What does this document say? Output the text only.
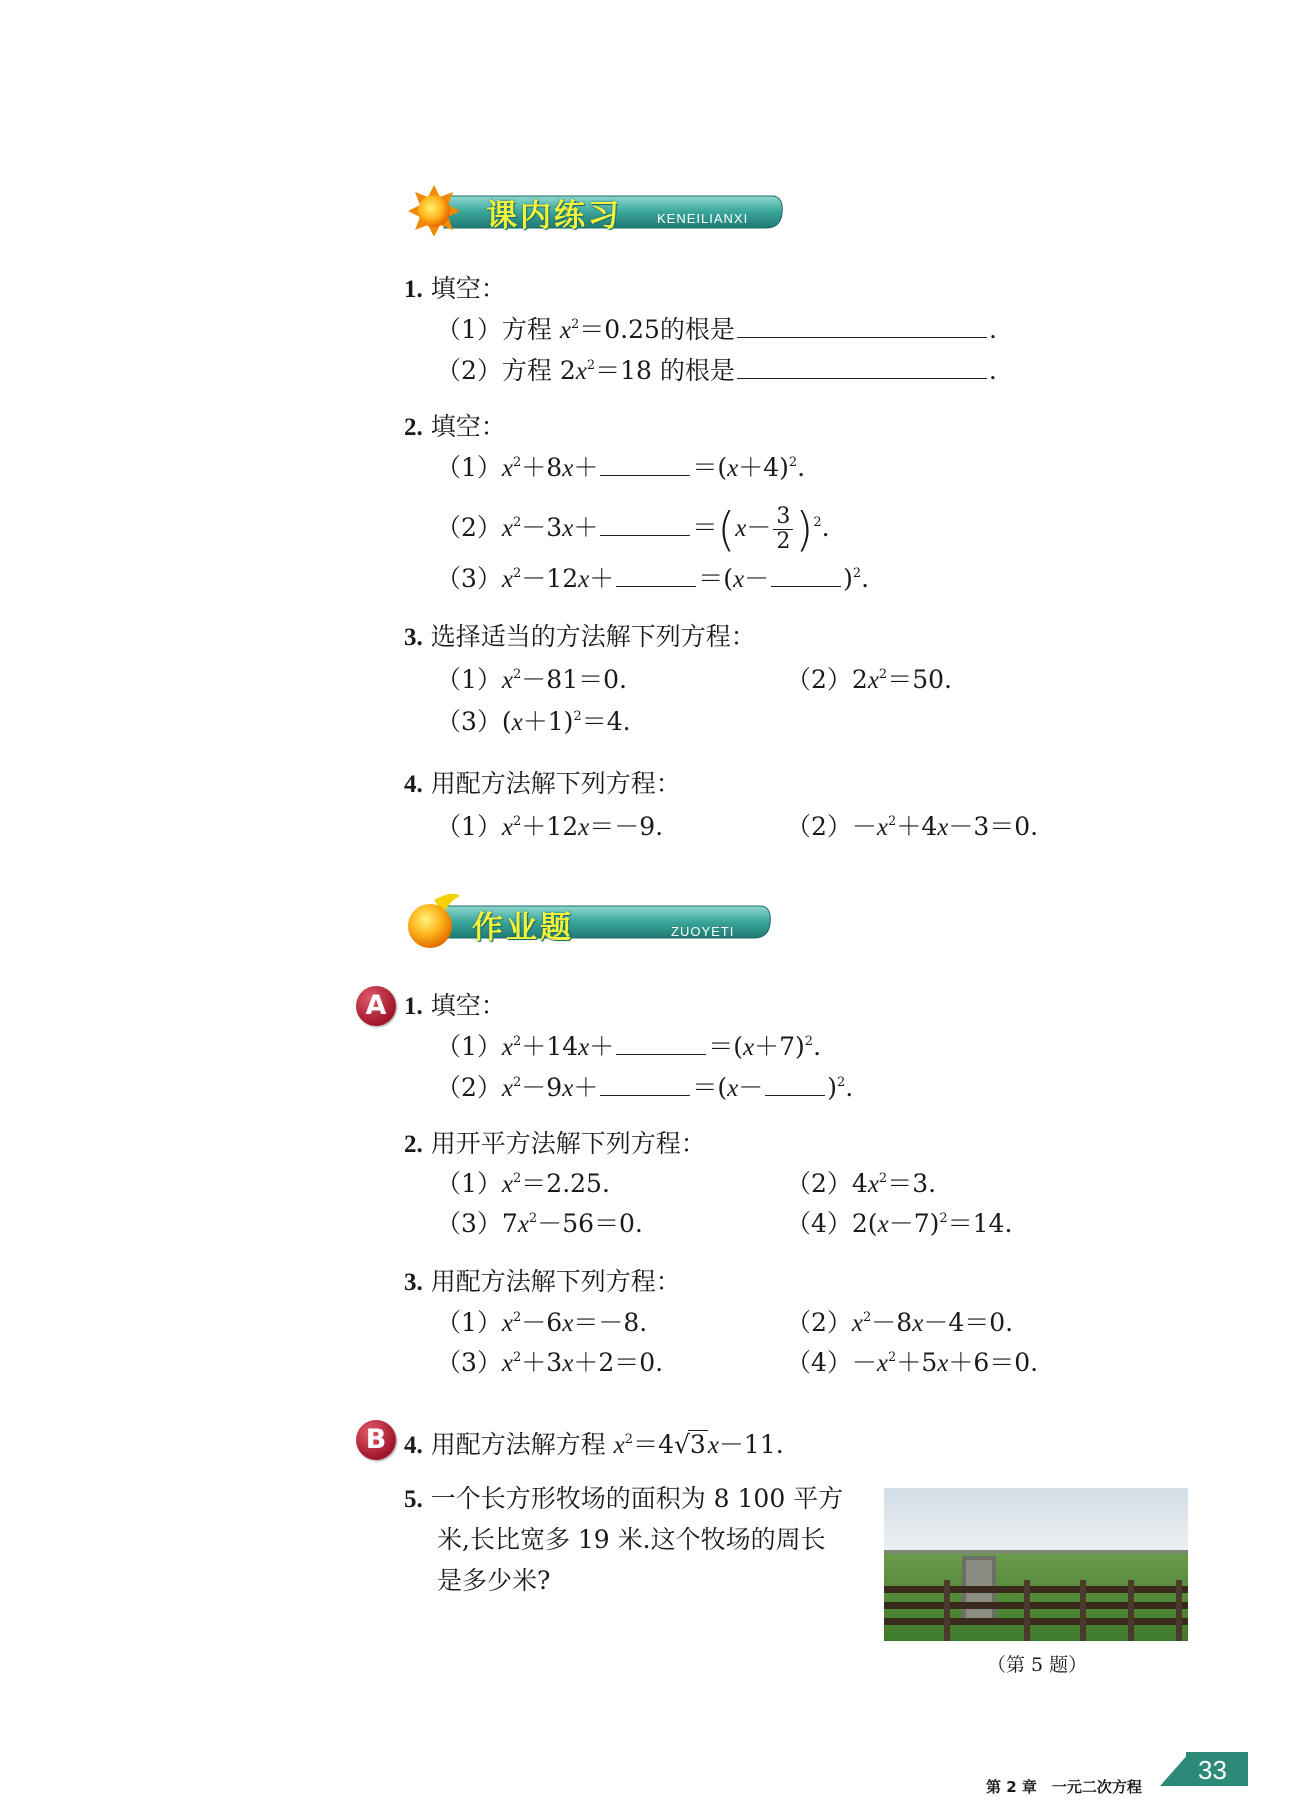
课内练习	KENEILIANXI
1. 填空：
（1）方程 $x^2=0.25$的根是	.
（2）方程 $2x^2=18$ 的根是	.
2. 填空：
$(1)x^2+8x+$	$=(x+4)^2$.
$(2)x^2-3x+$	$=(x- \frac{3}{2} )^2$.
$(3)x^2-12x+$	＝(x－	)$^2$.
3. 选择适当的方法解下列方程：
$(1)x^2-81=0$.	$(2)2x^2=50$.
$(3)(x+1)^2=4$.
4. 用配方法解下列方程：
$(1)x^2+12x=-9$.	$(2)-x^2+4x-3=0$.
作业题	ZUOYETI
A 1. 填空：
$(1)x^2+14x+$	$=(x+7)^2$.
$(2)x^2-9x+$	＝(x－	)$^2$.
2. 用开平方法解下列方程：
$(1)x^2=2.25$.	$(2)4x^2=3$.
$(3)7x^2-56=0$.	$(4)2(x-7)^2=14$.
3. 用配方法解下列方程：
$(1)x^2-6x=-8$.	$(2)x^2-8x-4=0$.
$(3)x^2+3x+2=0$.	$(4)-x^2+5x+6=0$.
B 4. 用配方法解方程 $x^2=4√3x-11$.
5. 一个长方形牧场的面积为 8 100 平方
米,长比宽多 19 米.这个牧场的周长
是多少米?
（第 5 题）
第 2 章　一元二次方程
33
